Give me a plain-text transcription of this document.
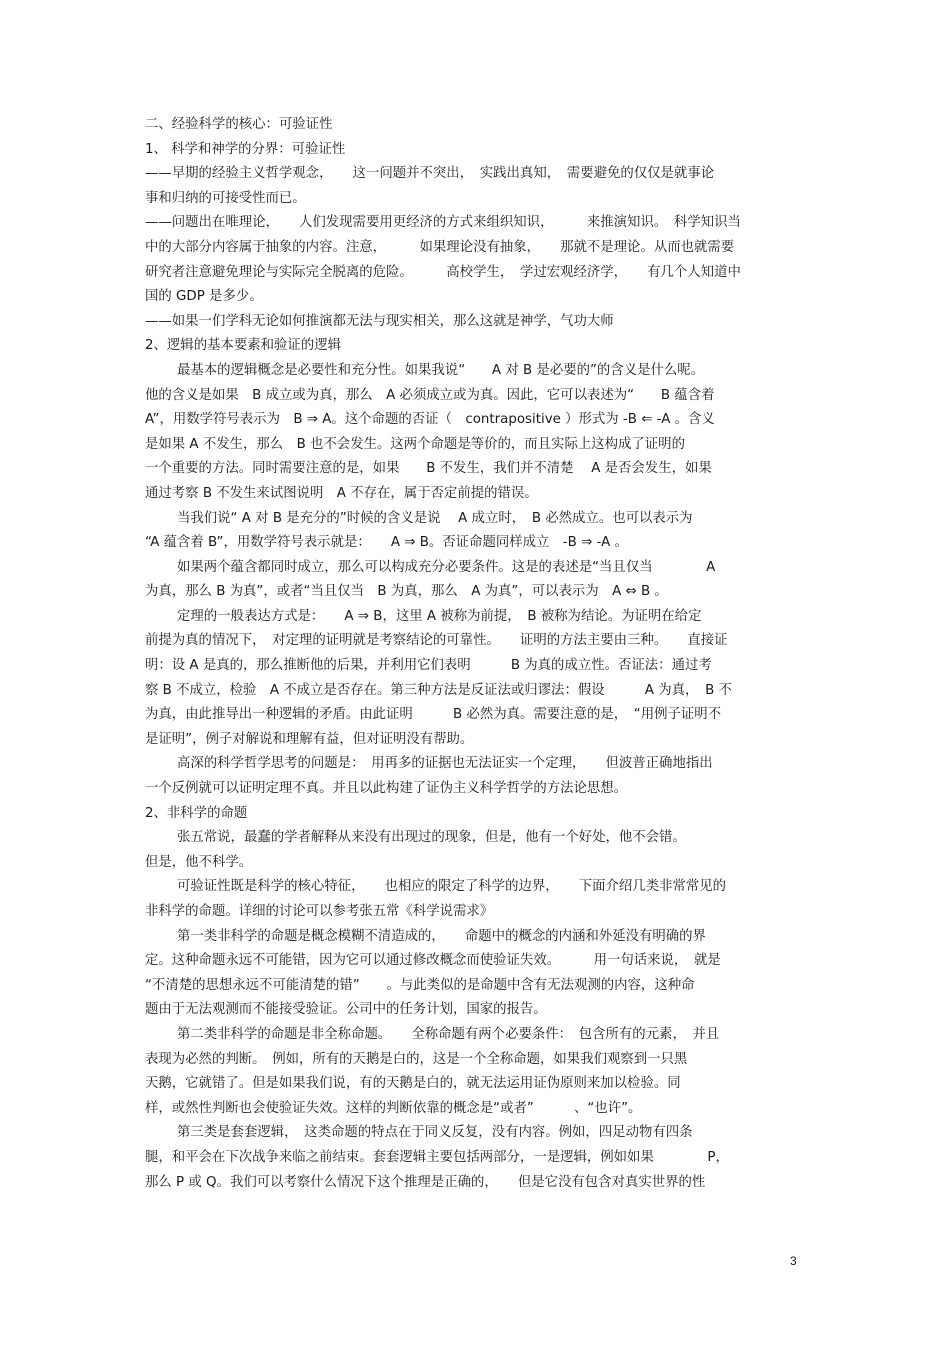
二、经验科学的核心：可验证性
1、 科学和神学的分界：可验证性
——早期的经验主义哲学观念，　　这一问题并不突出，　实践出真知，　需要避免的仅仅是就事论
事和归纳的可接受性而已。
——问题出在唯理论，　　人们发现需要用更经济的方式来组织知识，　　　来推演知识。　科学知识当
中的大部分内容属于抽象的内容。注意，　　　如果理论没有抽象，　　那就不是理论。从而也就需要
研究者注意避免理论与实际完全脱离的危险。　　　高校学生，　学过宏观经济学，　　有几个人知道中
国的 GDP 是多少。
——如果一们学科无论如何推演都无法与现实相关，那么这就是神学，气功大师
2、逻辑的基本要素和验证的逻辑
最基本的逻辑概念是必要性和充分性。如果我说“　　A 对 B 是必要的”的含义是什么呢。
他的含义是如果　B 成立或为真，那么　A 必须成立或为真。因此，它可以表述为“　　B 蕴含着
A”，用数学符号表示为　B ⇒ A。这个命题的否证（　contrapositive ）形式为 -B ⇐ -A 。含义
是如果 A 不发生，那么　B 也不会发生。这两个命题是等价的，而且实际上这构成了证明的
一个重要的方法。同时需要注意的是，如果　　B 不发生，我们并不清楚　 A 是否会发生，如果
通过考察 B 不发生来试图说明　A 不存在，属于否定前提的错误。
当我们说“ A 对 B 是充分的”时候的含义是说　 A 成立时，　B 必然成立。也可以表示为
“A 蕴含着 B”，用数学符号表示就是：　　A ⇒ B。否证命题同样成立　-B ⇒ -A 。
如果两个蕴含都同时成立，那么可以构成充分必要条件。这是的表述是“当且仅当　　　　A
为真，那么 B 为真”，或者“当且仅当　B 为真，那么　A 为真”，可以表示为　A ⇔ B 。
定理的一般表达方式是：　　A ⇒ B，这里 A 被称为前提，　B 被称为结论。为证明在给定
前提为真的情况下，　对定理的证明就是考察结论的可靠性。　　证明的方法主要由三种。　　直接证
明：设 A 是真的，那么推断他的后果，并利用它们表明　　　B 为真的成立性。否证法：通过考
察 B 不成立，检验　A 不成立是否存在。第三种方法是反证法或归谬法：假设　　　A 为真，　B 不
为真，由此推导出一种逻辑的矛盾。由此证明　　　B 必然为真。需要注意的是，　“用例子证明不
是证明”，例子对解说和理解有益，但对证明没有帮助。
高深的科学哲学思考的问题是：　用再多的证据也无法证实一个定理，　　但波普正确地指出
一个反例就可以证明定理不真。并且以此构建了证伪主义科学哲学的方法论思想。
2、非科学的命题
张五常说，最蠢的学者解释从来没有出现过的现象，但是，他有一个好处，他不会错。
但是，他不科学。
可验证性既是科学的核心特征，　　也相应的限定了科学的边界，　　下面介绍几类非常常见的
非科学的命题。详细的讨论可以参考张五常《科学说需求》
第一类非科学的命题是概念模糊不清造成的，　　命题中的概念的内涵和外延没有明确的界
定。这种命题永远不可能错，因为它可以通过修改概念而使验证失效。　　　用一句话来说，　就是
“不清楚的思想永远不可能清楚的错”　　。与此类似的是命题中含有无法观测的内容，这种命
题由于无法观测而不能接受验证。公司中的任务计划，国家的报告。
第二类非科学的命题是非全称命题。　　全称命题有两个必要条件：　包含所有的元素，　并且
表现为必然的判断。　例如，所有的天鹅是白的，这是一个全称命题，如果我们观察到一只黑
天鹅，它就错了。但是如果我们说，有的天鹅是白的，就无法运用证伪原则来加以检验。同
样，或然性判断也会使验证失效。这样的判断依靠的概念是“或者”　　　、“也许”。
第三类是套套逻辑，　这类命题的特点在于同义反复，没有内容。例如，四足动物有四条
腿，和平会在下次战争来临之前结束。套套逻辑主要包括两部分，一是逻辑，例如如果　　　　P，
那么 P 或 Q。我们可以考察什么情况下这个推理是正确的，　　但是它没有包含对真实世界的性
3
